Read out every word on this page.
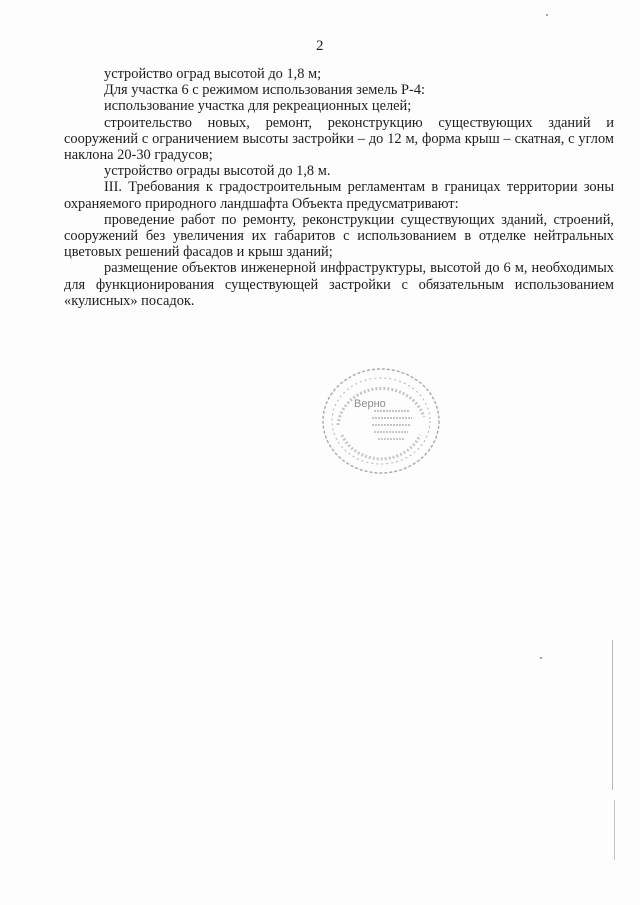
2

устройство оград высотой до 1,8 м;

Для участка 6 с режимом использования земель Р-4:

использование участка для рекреационных целей;

строительство новых, ремонт, реконструкцию существующих зданий и сооружений с ограничением высоты застройки – до 12 м, форма крыш – скатная, с углом наклона 20-30 градусов;

устройство ограды высотой до 1,8 м.

III. Требования к градостроительным регламентам в границах территории зоны охраняемого природного ландшафта Объекта предусматривают:

проведение работ по ремонту, реконструкции существующих зданий, строений, сооружений без увеличения их габаритов с использованием в отделке нейтральных цветовых решений фасадов и крыш зданий;

размещение объектов инженерной инфраструктуры, высотой до 6 м, необходимых для функционирования существующей застройки с обязательным использованием «кулисных» посадок.

Верно
